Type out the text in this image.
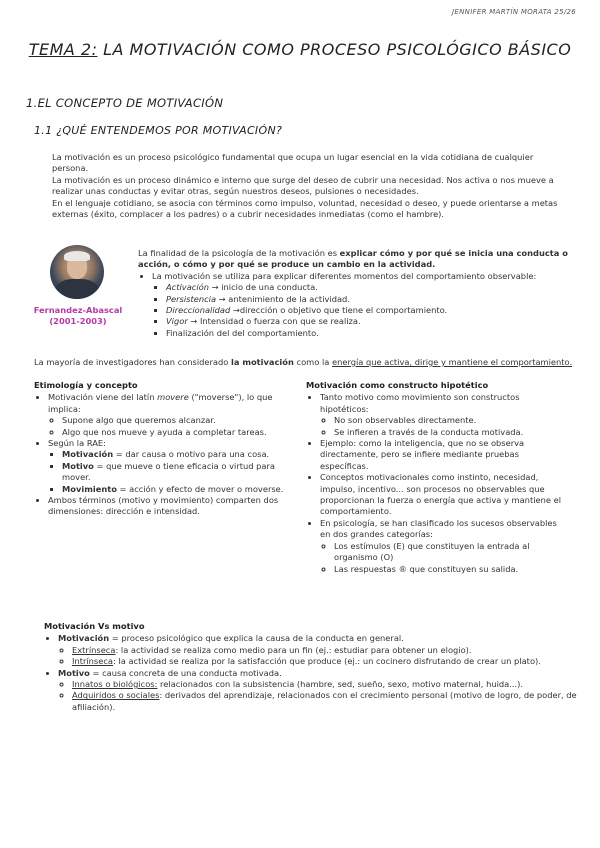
JENNIFER MARTÍN MORATA 25/26
TEMA 2: LA MOTIVACIÓN COMO PROCESO PSICOLÓGICO BÁSICO
1.EL CONCEPTO DE MOTIVACIÓN
1.1 ¿QUÉ ENTENDEMOS POR MOTIVACIÓN?

La motivación es un proceso psicológico fundamental que ocupa un lugar esencial en la vida cotidiana de cualquier persona.

La motivación es un proceso dinámico e interno que surge del deseo de cubrir una necesidad. Nos activa o nos mueve a realizar unas conductas y evitar otras, según nuestros deseos, pulsiones o necesidades.

En el lenguaje cotidiano, se asocia con términos como impulso, voluntad, necesidad o deseo, y puede orientarse a metas externas (éxito, complacer a los padres) o a cubrir necesidades inmediatas (como el hambre).

Fernandez-Abascal
(2001-2003)

La finalidad de la psicología de la motivación es explicar cómo y por qué se inicia una conducta o acción, o cómo y por qué se produce un cambio en la actividad.

• La motivación se utiliza para explicar diferentes momentos del comportamiento observable:
▪ Activación → inicio de una conducta.
▪ Persistencia → antenimiento de la actividad.
▪ Direccionalidad →dirección o objetivo que tiene el comportamiento.
▪ Vigor → Intensidad o fuerza con que se realiza.
▪ Finalización del del comportamiento.
La mayoría de investigadores han considerado la motivación como la energía que activa, dirige y mantiene el comportamiento.
Etimología y concepto
• Motivación viene del latín movere ("moverse"), lo que implica:
◦ Supone algo que queremos alcanzar.
◦ Algo que nos mueve y ayuda a completar tareas.
• Según la RAE:
▪ Motivación = dar causa o motivo para una cosa.
▪ Motivo = que mueve o tiene eficacia o virtud para mover.
▪ Movimiento = acción y efecto de mover o moverse.
• Ambos términos (motivo y movimiento) comparten dos dimensiones: dirección e intensidad.
Motivación como constructo hipotético
• Tanto motivo como movimiento son constructos hipotéticos:
◦ No son observables directamente.
◦ Se infieren a través de la conducta motivada.
• Ejemplo: como la inteligencia, que no se observa directamente, pero se infiere mediante pruebas específicas.
• Conceptos motivacionales como instinto, necesidad, impulso, incentivo... son procesos no observables que proporcionan la fuerza o energía que activa y mantiene el comportamiento.
• En psicología, se han clasificado los sucesos observables en dos grandes categorías:
◦ Los estímulos (E) que constituyen la entrada al organismo (O)
◦ Las respuestas ® que constituyen su salida.
Motivación Vs motivo
• Motivación = proceso psicológico que explica la causa de la conducta en general.
◦ Extrínseca: la actividad se realiza como medio para un fin (ej.: estudiar para obtener un elogio).
◦ Intrínseca: la actividad se realiza por la satisfacción que produce (ej.: un cocinero disfrutando de crear un plato).
• Motivo = causa concreta de una conducta motivada.
◦ Innatos o biológicos: relacionados con la subsistencia (hambre, sed, sueño, sexo, motivo maternal, huida...).
◦ Adquiridos o sociales: derivados del aprendizaje, relacionados con el crecimiento personal (motivo de logro, de poder, de afiliación).
